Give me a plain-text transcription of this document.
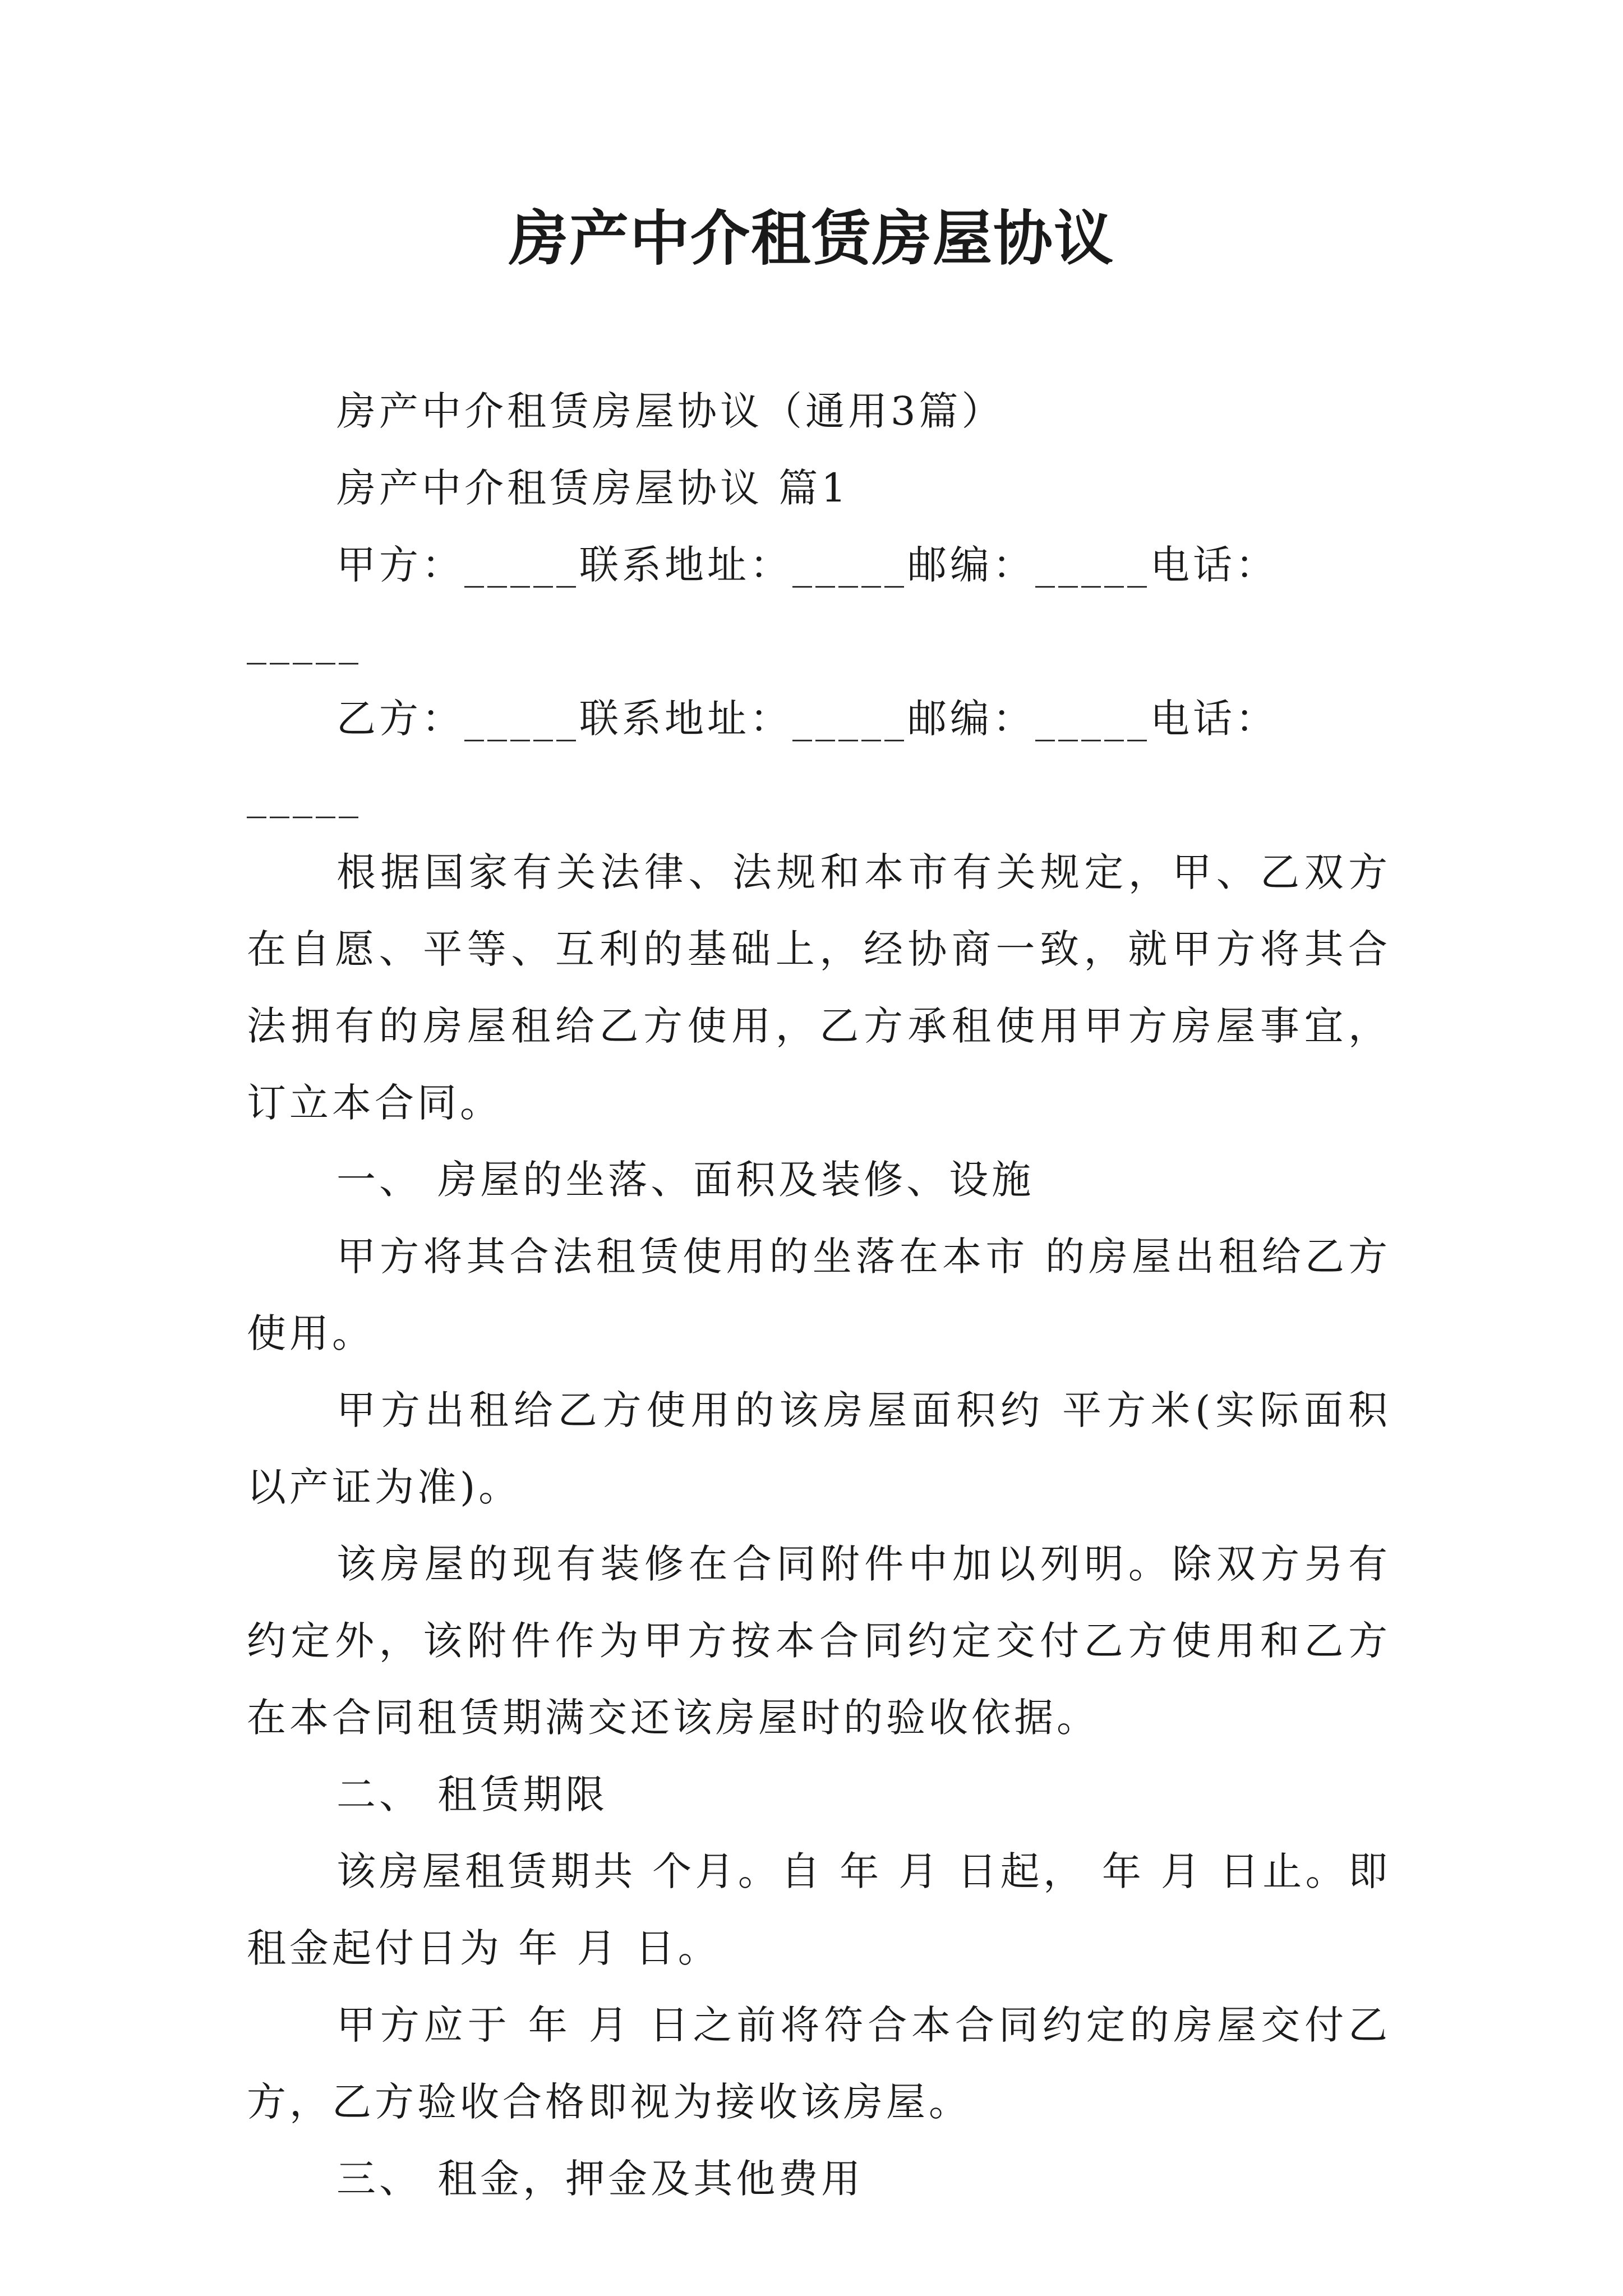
房产中介租赁房屋协议

房产中介租赁房屋协议（通用3篇）

房产中介租赁房屋协议 篇1

甲方：_____联系地址：_____邮编：_____电话：_____

乙方：_____联系地址：_____邮编：_____电话：_____

根据国家有关法律、法规和本市有关规定，甲、乙双方在自愿、平等、互利的基础上，经协商一致，就甲方将其合法拥有的房屋租给乙方使用，乙方承租使用甲方房屋事宜，订立本合同。

一、 房屋的坐落、面积及装修、设施

甲方将其合法租赁使用的坐落在本市 的房屋出租给乙方使用。

甲方出租给乙方使用的该房屋面积约 平方米(实际面积以产证为准)。

该房屋的现有装修在合同附件中加以列明。除双方另有约定外，该附件作为甲方按本合同约定交付乙方使用和乙方在本合同租赁期满交还该房屋时的验收依据。

二、 租赁期限

该房屋租赁期共 个月。自 年 月 日起， 年 月 日止。即租金起付日为 年 月 日。

甲方应于 年 月 日之前将符合本合同约定的房屋交付乙方，乙方验收合格即视为接收该房屋。

三、 租金，押金及其他费用
